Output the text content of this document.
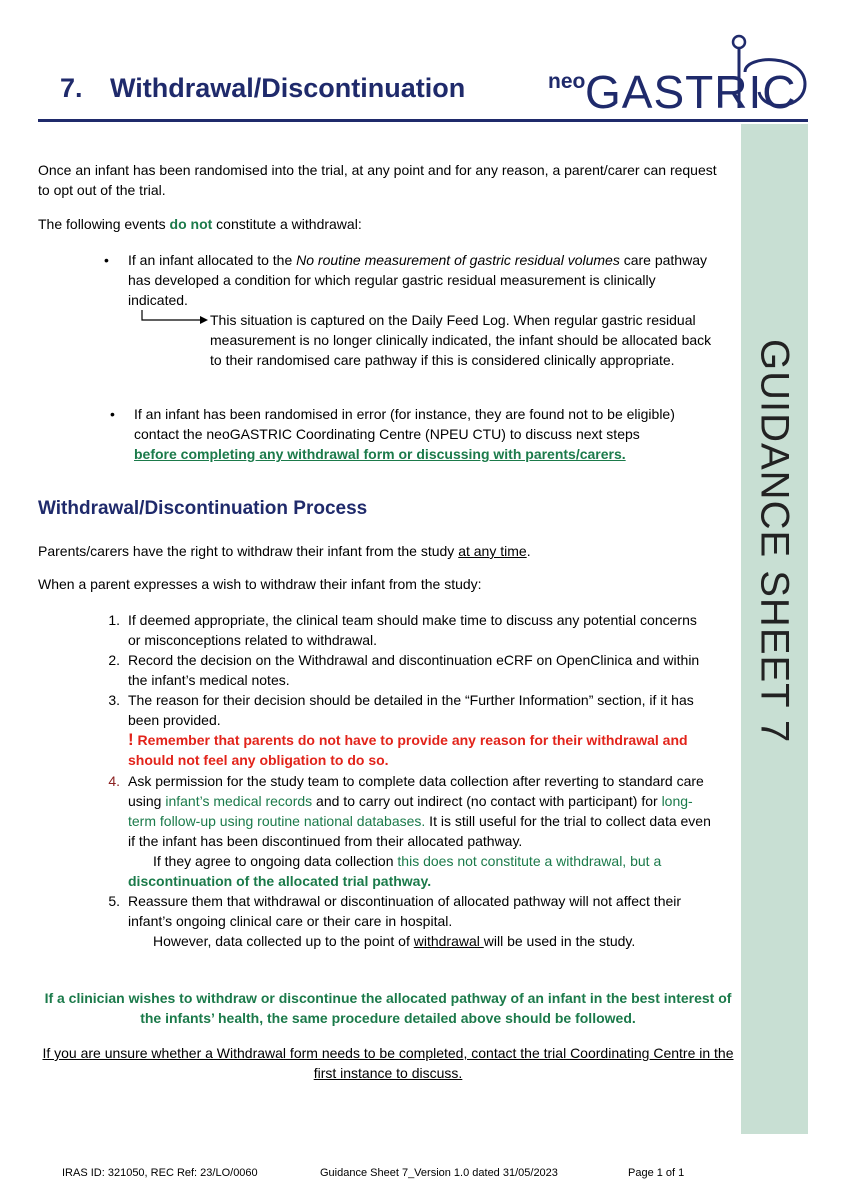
7. Withdrawal/Discontinuation	neo GASTRIC
GUIDANCE SHEET 7
Once an infant has been randomised into the trial, at any point and for any reason, a parent/carer can request to opt out of the trial.
The following events do not constitute a withdrawal:
• If an infant allocated to the No routine measurement of gastric residual volumes care pathway has developed a condition for which regular gastric residual measurement is clinically indicated.
This situation is captured on the Daily Feed Log. When regular gastric residual measurement is no longer clinically indicated, the infant should be allocated back to their randomised care pathway if this is considered clinically appropriate.
• If an infant has been randomised in error (for instance, they are found not to be eligible) contact the neoGASTRIC Coordinating Centre (NPEU CTU) to discuss next steps
before completing any withdrawal form or discussing with parents/carers.
Withdrawal/Discontinuation Process
Parents/carers have the right to withdraw their infant from the study at any time.
When a parent expresses a wish to withdraw their infant from the study:
1. If deemed appropriate, the clinical team should make time to discuss any potential concerns or misconceptions related to withdrawal.
2. Record the decision on the Withdrawal and discontinuation eCRF on OpenClinica and within the infant’s medical notes.
3. The reason for their decision should be detailed in the “Further Information” section, if it has been provided.
! Remember that parents do not have to provide any reason for their withdrawal and should not feel any obligation to do so.
4. Ask permission for the study team to complete data collection after reverting to standard care using infant’s medical records and to carry out indirect (no contact with participant) for long-term follow-up using routine national databases. It is still useful for the trial to collect data even if the infant has been discontinued from their allocated pathway.
If they agree to ongoing data collection this does not constitute a withdrawal, but a
discontinuation of the allocated trial pathway.
5. Reassure them that withdrawal or discontinuation of allocated pathway will not affect their infant’s ongoing clinical care or their care in hospital.
However, data collected up to the point of withdrawal will be used in the study.
If a clinician wishes to withdraw or discontinue the allocated pathway of an infant in the best interest of the infants’ health, the same procedure detailed above should be followed.
If you are unsure whether a Withdrawal form needs to be completed, contact the trial Coordinating Centre in the first instance to discuss.
IRAS ID: 321050, REC Ref: 23/LO/0060	Guidance Sheet 7_Version 1.0 dated 31/05/2023	Page 1 of 1
